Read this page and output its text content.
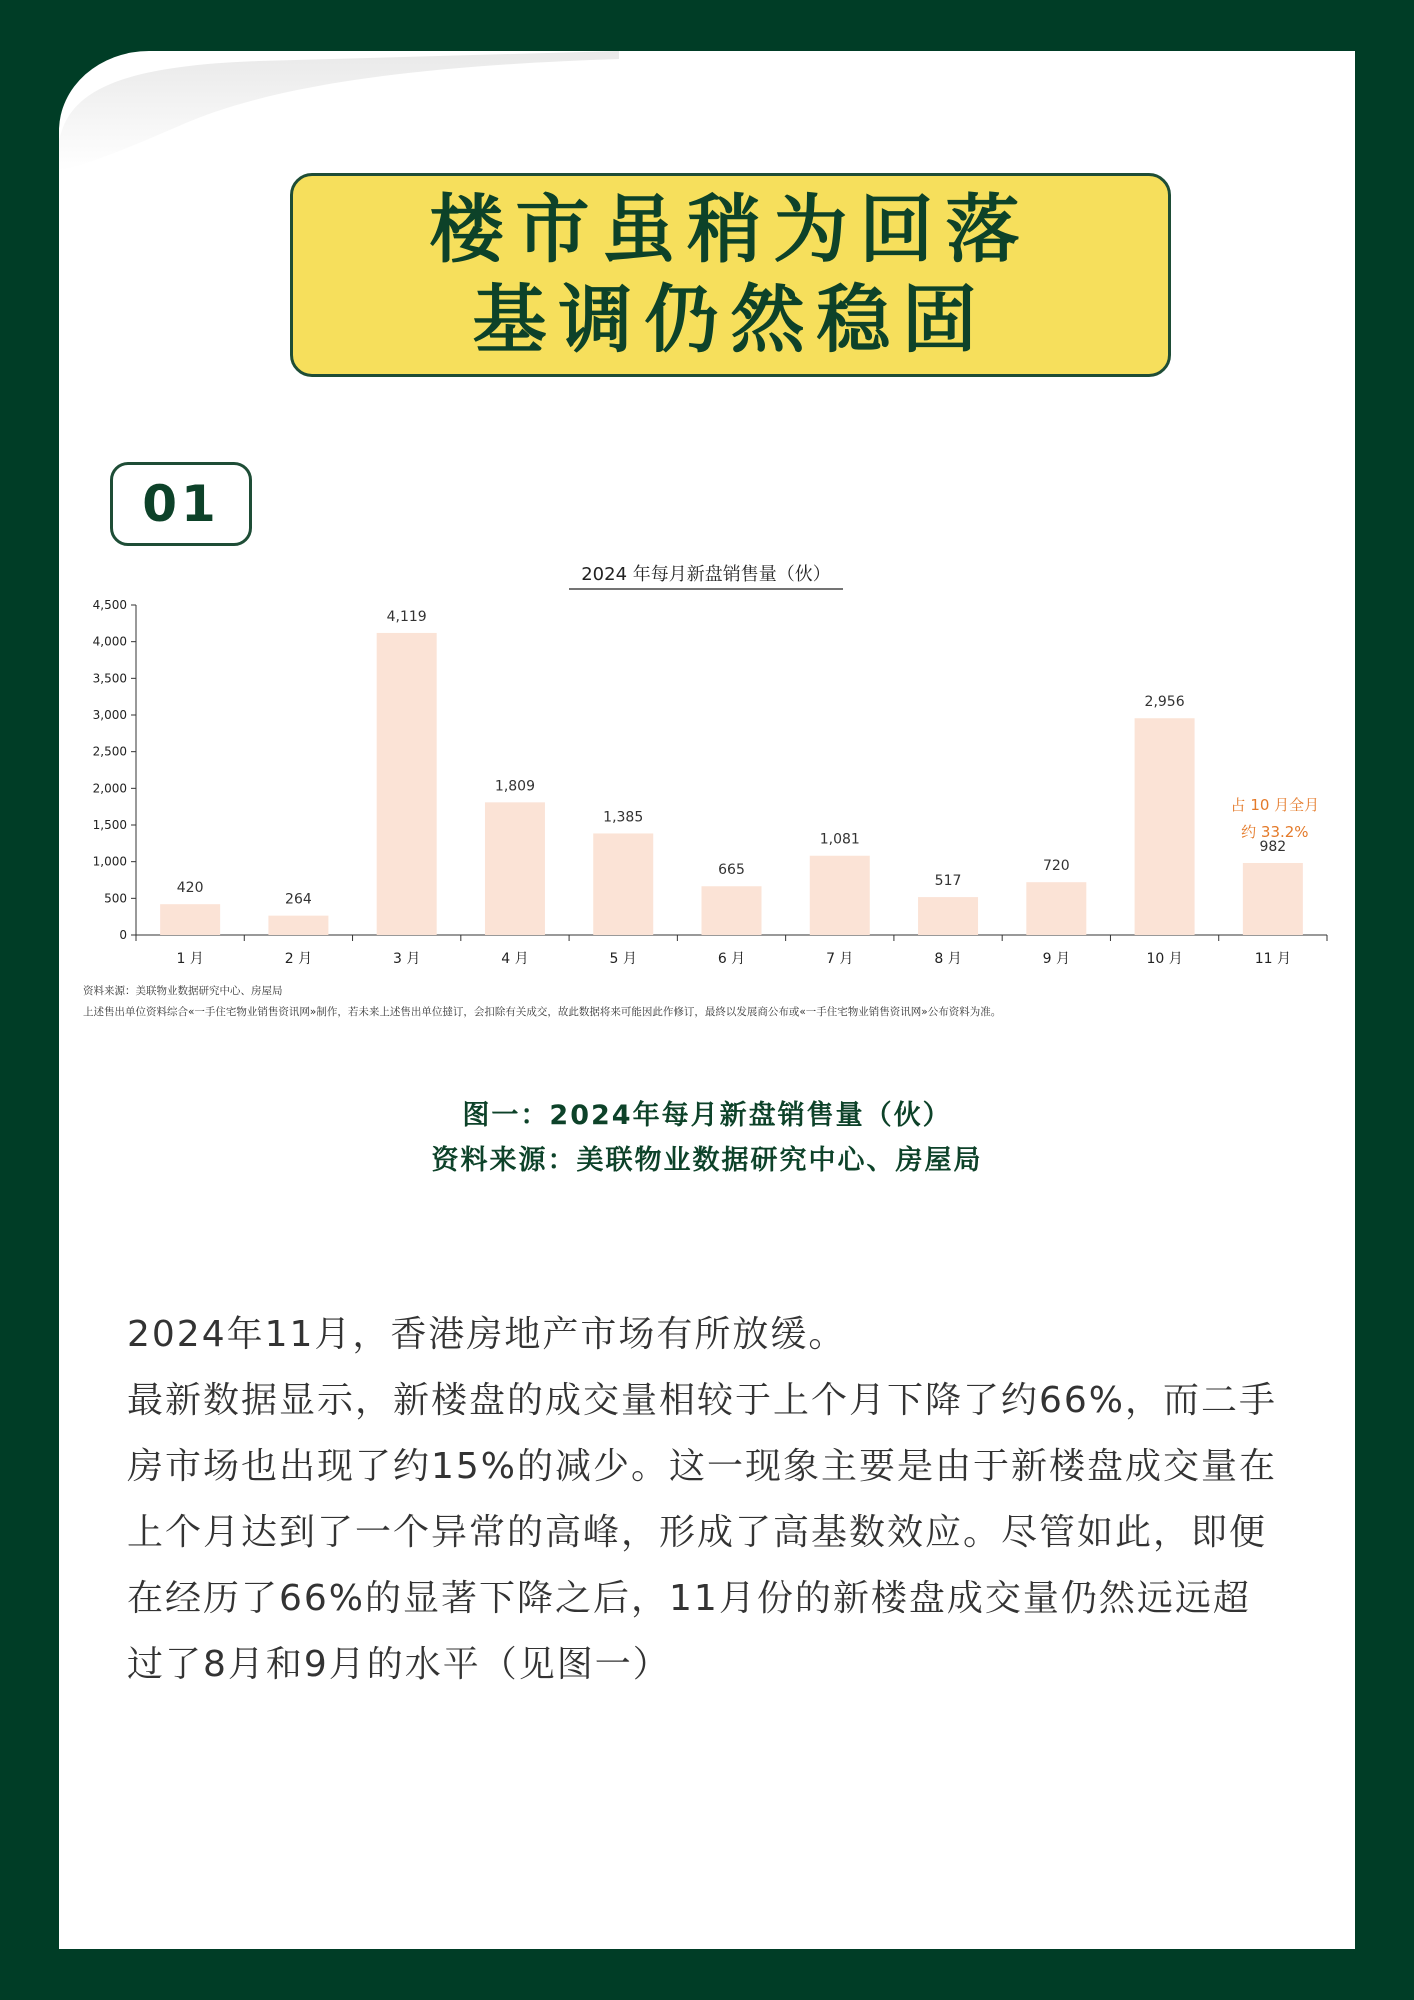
楼市虽稍为回落
基调仍然稳固
01
2024 年每月新盘销售量（伙）
0
500
1,000
1,500
2,000
2,500
3,000
3,500
4,000
4,500
420
1 月
264
2 月
4,119
3 月
1,809
4 月
1,385
5 月
665
6 月
1,081
7 月
517
8 月
720
9 月
2,956
10 月
982
11 月
占 10 月全月
约 33.2%
资料来源：美联物业数据研究中心、房屋局
上述售出单位资料综合«一手住宅物业销售资讯网»制作，若未来上述售出单位撻订，会扣除有关成交，故此数据将来可能因此作修订，最終以发展商公布或«一手住宅物业销售资讯网»公布资料为准。
图一：2024年每月新盘销售量（伙）
资料来源：美联物业数据研究中心、房屋局

2024年11月，香港房地产市场有所放缓。

最新数据显示，新楼盘的成交量相较于上个月下降了约66%，而二手房市场也出现了约15%的减少。这一现象主要是由于新楼盘成交量在上个月达到了一个异常的高峰，形成了高基数效应。尽管如此，即便在经历了66%的显著下降之后，11月份的新楼盘成交量仍然远远超过了8月和9月的水平（见图一）
